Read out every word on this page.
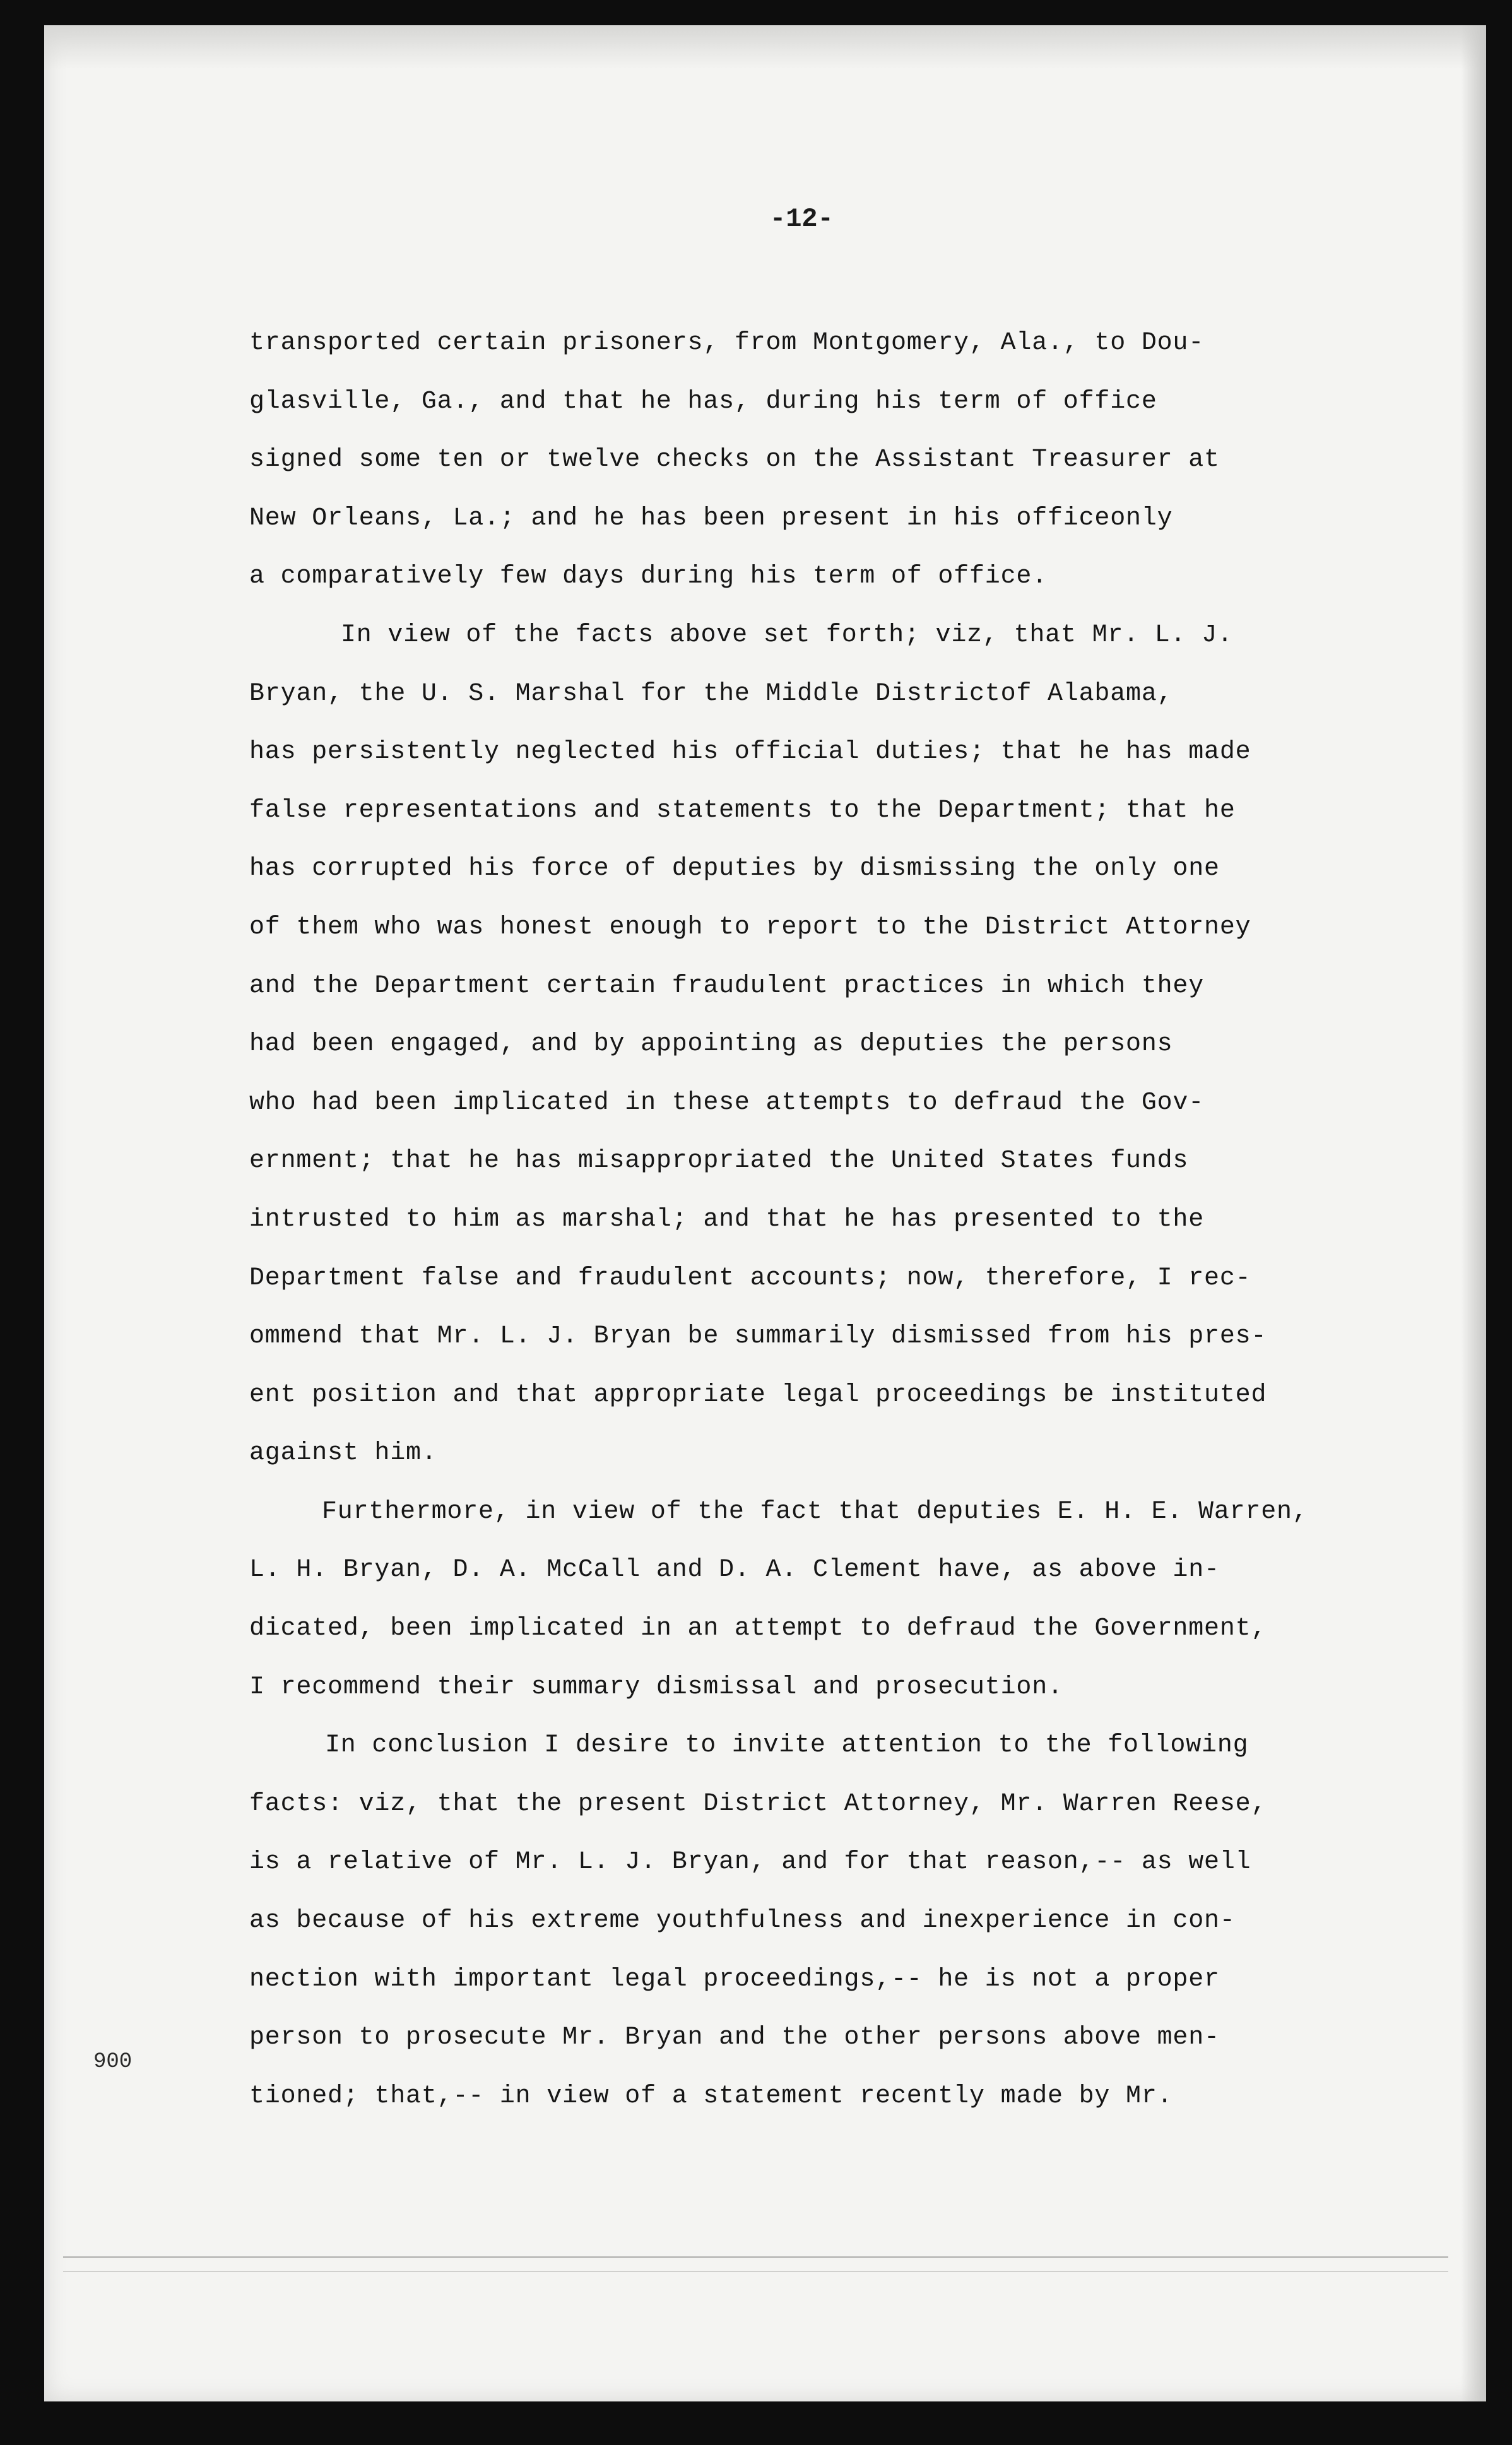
-12-
transported certain prisoners, from Montgomery, Ala., to Dou-
glasville, Ga., and that he has, during his term of office
signed some ten or twelve checks on the Assistant Treasurer at
New Orleans, La.; and he has been present in his officeonly
a comparatively few days during his term of office.
In view of the facts above set forth; viz, that Mr. L. J.
Bryan, the U. S. Marshal for the Middle Districtof Alabama,
has persistently neglected his official duties; that he has made
false representations and statements to the Department; that he
has corrupted his force of deputies by dismissing the only one
of them who was honest enough to report to the District Attorney
and the Department certain fraudulent practices in which they
had been engaged, and by appointing as deputies the persons
who had been implicated in these attempts to defraud the Gov-
ernment; that he has misappropriated the United States funds
intrusted to him as marshal; and that he has presented to the
Department false and fraudulent accounts; now, therefore, I rec-
ommend that Mr. L. J. Bryan be summarily dismissed from his pres-
ent position and that appropriate legal proceedings be instituted
against him.
Furthermore, in view of the fact that deputies E. H. E. Warren,
L. H. Bryan, D. A. McCall and D. A. Clement have, as above in-
dicated, been implicated in an attempt to defraud the Government,
I recommend their summary dismissal and prosecution.
In conclusion I desire to invite attention to the following
facts: viz, that the present District Attorney, Mr. Warren Reese,
is a relative of Mr. L. J. Bryan, and for that reason,-- as well
as because of his extreme youthfulness and inexperience in con-
nection with important legal proceedings,-- he is not a proper
person to prosecute Mr. Bryan and the other persons above men-
tioned; that,-- in view of a statement recently made by Mr.
900
